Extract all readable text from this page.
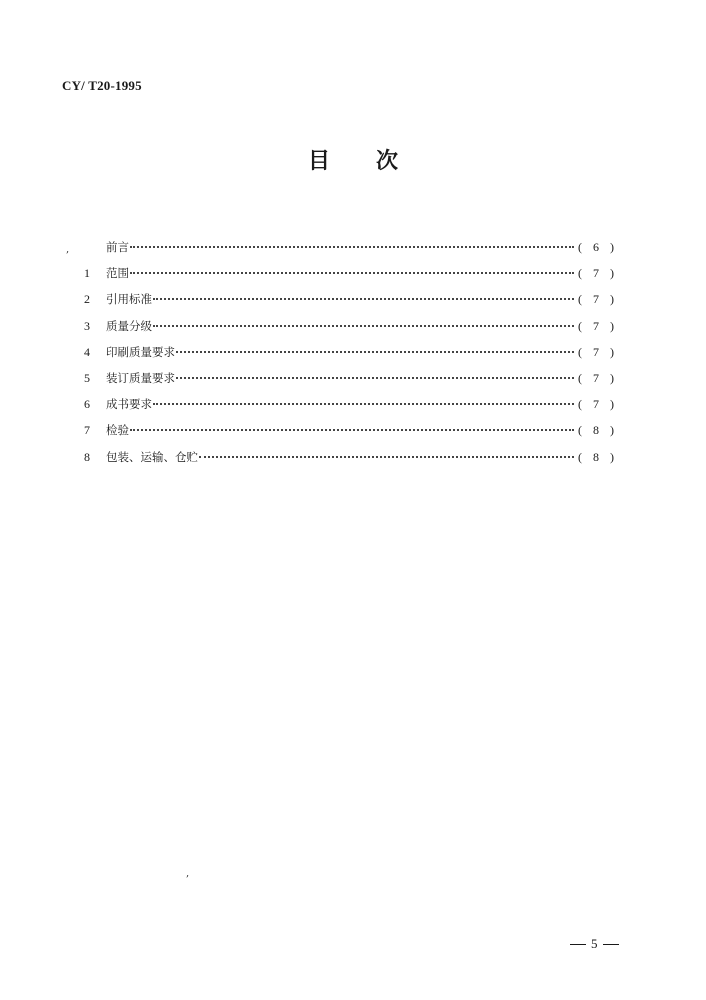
CY/ T20-1995
目 次
,	前言	( 6 )
1	范围	( 7 )
2	引用标准	( 7 )
3	质量分级	( 7 )
4	印刷质量要求	( 7 )
5	装订质量要求	( 7 )
6	成书要求	( 7 )
7	检验	( 8 )
8	包装、运输、仓贮	( 8 )
,
5
